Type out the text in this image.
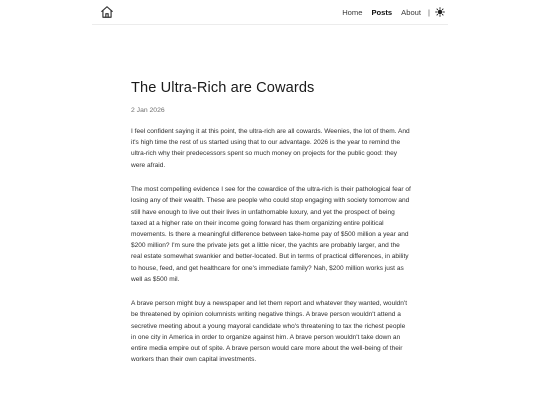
Home Posts About |
The Ultra-Rich are Cowards
2 Jan 2026

I feel confident saying it at this point, the ultra-rich are all cowards. Weenies, the lot of them. And it's high time the rest of us started using that to our advantage. 2026 is the year to remind the ultra-rich why their predecessors spent so much money on projects for the public good: they were afraid.

The most compelling evidence I see for the cowardice of the ultra-rich is their pathological fear of losing any of their wealth. These are people who could stop engaging with society tomorrow and still have enough to live out their lives in unfathomable luxury, and yet the prospect of being taxed at a higher rate on their income going forward has them organizing entire political movements. Is there a meaningful difference between take-home pay of $500 million a year and $200 million? I'm sure the private jets get a little nicer, the yachts are probably larger, and the real estate somewhat swankier and better-located. But in terms of practical differences, in ability to house, feed, and get healthcare for one's immediate family? Nah, $200 million works just as well as $500 mil.

A brave person might buy a newspaper and let them report and whatever they wanted, wouldn't be threatened by opinion columnists writing negative things. A brave person wouldn't attend a secretive meeting about a young mayoral candidate who's threatening to tax the richest people in one city in America in order to organize against him. A brave person wouldn't take down an entire media empire out of spite. A brave person would care more about the well-being of their workers than their own capital investments.
